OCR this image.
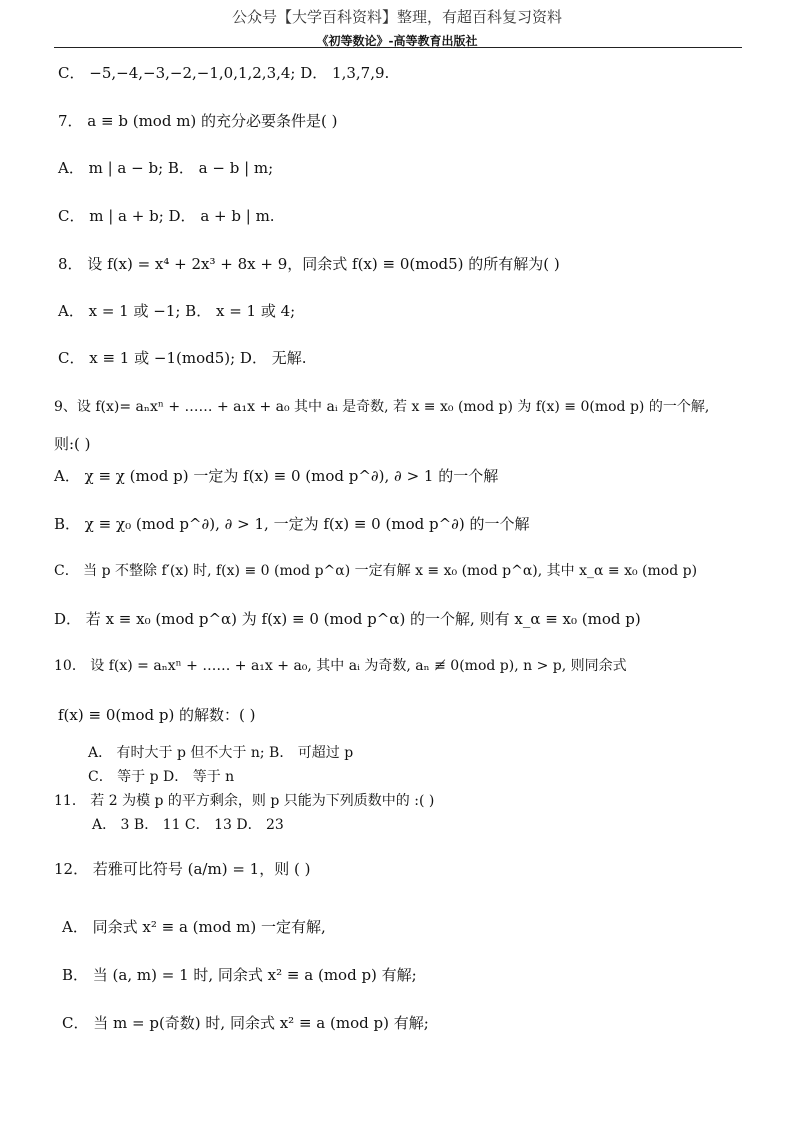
公众号【大学百科资料】整理，有超百科复习资料
《初等数论》-高等教育出版社
C． −5,−4,−3,−2,−1,0,1,2,3,4; D． 1,3,7,9.
7． a ≡ b (mod m) 的充分必要条件是( )
A． m | a − b; B． a − b | m;
C． m | a + b; D． a + b | m.
8． 设 f(x) = x⁴ + 2x³ + 8x + 9，同余式 f(x) ≡ 0(mod5) 的所有解为( )
A． x = 1 或 −1; B． x = 1 或 4;
C． x ≡ 1 或 −1(mod5); D． 无解.
9、设 f(x)= aₙxⁿ + …… + a₁x + a₀ 其中 aᵢ 是奇数, 若 x ≡ x₀ (mod p) 为 f(x) ≡ 0(mod p) 的一个解,
则:( )
A． χ ≡ χ (mod p) 一定为 f(x) ≡ 0 (mod p^∂), ∂ > 1 的一个解
B． χ ≡ χ₀ (mod p^∂), ∂ > 1, 一定为 f(x) ≡ 0 (mod p^∂) 的一个解
C． 当 p 不整除 f′(x) 时, f(x) ≡ 0 (mod p^α) 一定有解 x ≡ x₀ (mod p^α), 其中 x_α ≡ x₀ (mod p)
D． 若 x ≡ x₀ (mod p^α) 为 f(x) ≡ 0 (mod p^α) 的一个解, 则有 x_α ≡ x₀ (mod p)
10． 设 f(x) = aₙxⁿ + …… + a₁x + a₀, 其中 aᵢ 为奇数, aₙ ≢ 0(mod p), n > p, 则同余式
f(x) ≡ 0(mod p) 的解数：( )
A． 有时大于 p 但不大于 n; B． 可超过 p
C． 等于 p D． 等于 n
11． 若 2 为模 p 的平方剩余，则 p 只能为下列质数中的 :( )
A． 3 B． 11 C． 13 D． 23
12． 若雅可比符号 (a/m) = 1，则 ( )
A． 同余式 x² ≡ a (mod m) 一定有解,
B． 当 (a, m) = 1 时, 同余式 x² ≡ a (mod p) 有解;
C． 当 m = p(奇数) 时, 同余式 x² ≡ a (mod p) 有解;
